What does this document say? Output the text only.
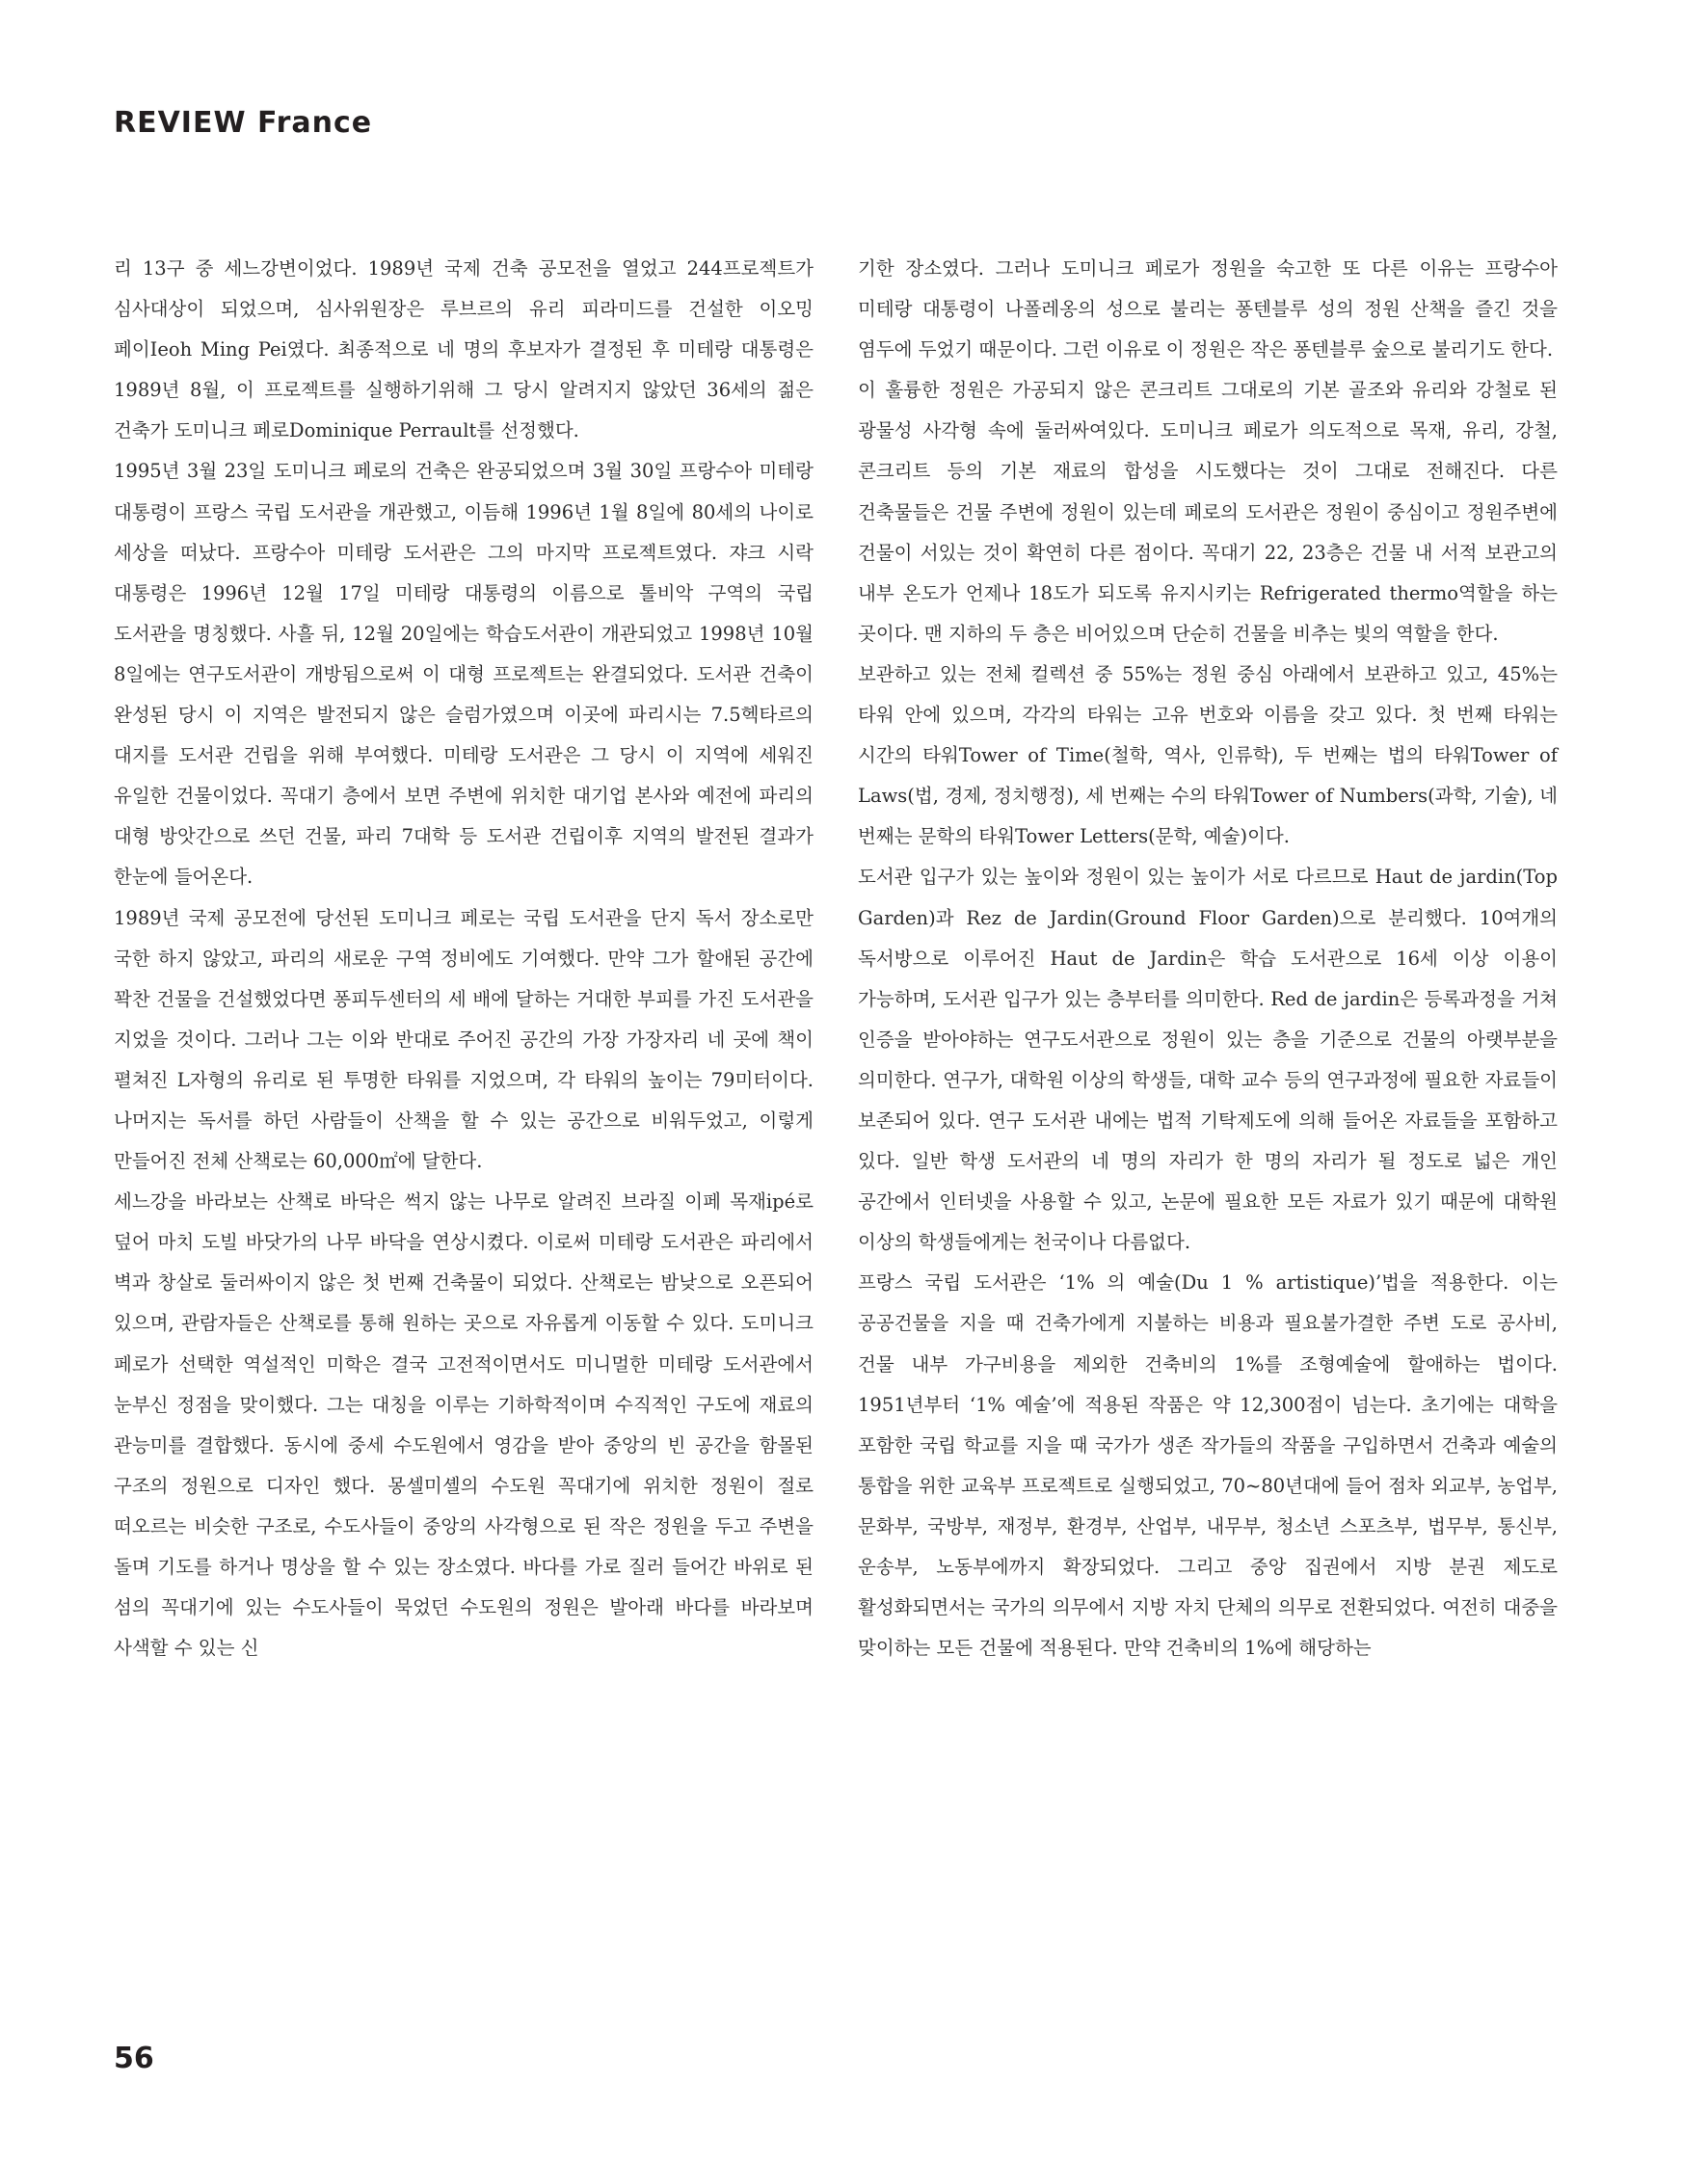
REVIEW France

리 13구 중 세느강변이었다. 1989년 국제 건축 공모전을 열었고 244프로젝트가 심사대상이 되었으며, 심사위원장은 루브르의 유리 피라미드를 건설한 이오밍 페이Ieoh Ming Pei였다. 최종적으로 네 명의 후보자가 결정된 후 미테랑 대통령은 1989년 8월, 이 프로젝트를 실행하기위해 그 당시 알려지지 않았던 36세의 젊은 건축가 도미니크 페로Dominique Perrault를 선정했다.

1995년 3월 23일 도미니크 페로의 건축은 완공되었으며 3월 30일 프랑수아 미테랑 대통령이 프랑스 국립 도서관을 개관했고, 이듬해 1996년 1월 8일에 80세의 나이로 세상을 떠났다. 프랑수아 미테랑 도서관은 그의 마지막 프로젝트였다. 쟈크 시락 대통령은 1996년 12월 17일 미테랑 대통령의 이름으로 톨비악 구역의 국립 도서관을 명칭했다. 사흘 뒤, 12월 20일에는 학습도서관이 개관되었고 1998년 10월 8일에는 연구도서관이 개방됨으로써 이 대형 프로젝트는 완결되었다. 도서관 건축이 완성된 당시 이 지역은 발전되지 않은 슬럼가였으며 이곳에 파리시는 7.5헥타르의 대지를 도서관 건립을 위해 부여했다. 미테랑 도서관은 그 당시 이 지역에 세워진 유일한 건물이었다. 꼭대기 층에서 보면 주변에 위치한 대기업 본사와 예전에 파리의 대형 방앗간으로 쓰던 건물, 파리 7대학 등 도서관 건립이후 지역의 발전된 결과가 한눈에 들어온다.

1989년 국제 공모전에 당선된 도미니크 페로는 국립 도서관을 단지 독서 장소로만 국한 하지 않았고, 파리의 새로운 구역 정비에도 기여했다. 만약 그가 할애된 공간에 꽉찬 건물을 건설했었다면 퐁피두센터의 세 배에 달하는 거대한 부피를 가진 도서관을 지었을 것이다. 그러나 그는 이와 반대로 주어진 공간의 가장 가장자리 네 곳에 책이 펼쳐진 L자형의 유리로 된 투명한 타워를 지었으며, 각 타워의 높이는 79미터이다. 나머지는 독서를 하던 사람들이 산책을 할 수 있는 공간으로 비워두었고, 이렇게 만들어진 전체 산책로는 60,000㎡에 달한다.

세느강을 바라보는 산책로 바닥은 썩지 않는 나무로 알려진 브라질 이페 목재ipé로 덮어 마치 도빌 바닷가의 나무 바닥을 연상시켰다. 이로써 미테랑 도서관은 파리에서 벽과 창살로 둘러싸이지 않은 첫 번째 건축물이 되었다. 산책로는 밤낮으로 오픈되어 있으며, 관람자들은 산책로를 통해 원하는 곳으로 자유롭게 이동할 수 있다. 도미니크 페로가 선택한 역설적인 미학은 결국 고전적이면서도 미니멀한 미테랑 도서관에서 눈부신 정점을 맞이했다. 그는 대칭을 이루는 기하학적이며 수직적인 구도에 재료의 관능미를 결합했다. 동시에 중세 수도원에서 영감을 받아 중앙의 빈 공간을 함몰된 구조의 정원으로 디자인 했다. 몽셀미셸의 수도원 꼭대기에 위치한 정원이 절로 떠오르는 비슷한 구조로, 수도사들이 중앙의 사각형으로 된 작은 정원을 두고 주변을 돌며 기도를 하거나 명상을 할 수 있는 장소였다. 바다를 가로 질러 들어간 바위로 된 섬의 꼭대기에 있는 수도사들이 묵었던 수도원의 정원은 발아래 바다를 바라보며 사색할 수 있는 신

기한 장소였다. 그러나 도미니크 페로가 정원을 숙고한 또 다른 이유는 프랑수아 미테랑 대통령이 나폴레옹의 성으로 불리는 퐁텐블루 성의 정원 산책을 즐긴 것을 염두에 두었기 때문이다. 그런 이유로 이 정원은 작은 퐁텐블루 숲으로 불리기도 한다.

이 훌륭한 정원은 가공되지 않은 콘크리트 그대로의 기본 골조와 유리와 강철로 된 광물성 사각형 속에 둘러싸여있다. 도미니크 페로가 의도적으로 목재, 유리, 강철, 콘크리트 등의 기본 재료의 합성을 시도했다는 것이 그대로 전해진다. 다른 건축물들은 건물 주변에 정원이 있는데 페로의 도서관은 정원이 중심이고 정원주변에 건물이 서있는 것이 확연히 다른 점이다. 꼭대기 22, 23층은 건물 내 서적 보관고의 내부 온도가 언제나 18도가 되도록 유지시키는 Refrigerated thermo역할을 하는 곳이다. 맨 지하의 두 층은 비어있으며 단순히 건물을 비추는 빛의 역할을 한다.

보관하고 있는 전체 컬렉션 중 55%는 정원 중심 아래에서 보관하고 있고, 45%는 타워 안에 있으며, 각각의 타워는 고유 번호와 이름을 갖고 있다. 첫 번째 타워는 시간의 타워Tower of Time(철학, 역사, 인류학), 두 번째는 법의 타워Tower of Laws(법, 경제, 정치행정), 세 번째는 수의 타워Tower of Numbers(과학, 기술), 네 번째는 문학의 타워Tower Letters(문학, 예술)이다.

도서관 입구가 있는 높이와 정원이 있는 높이가 서로 다르므로 Haut de jardin(Top Garden)과 Rez de Jardin(Ground Floor Garden)으로 분리했다. 10여개의 독서방으로 이루어진 Haut de Jardin은 학습 도서관으로 16세 이상 이용이 가능하며, 도서관 입구가 있는 층부터를 의미한다. Red de jardin은 등록과정을 거쳐 인증을 받아야하는 연구도서관으로 정원이 있는 층을 기준으로 건물의 아랫부분을 의미한다. 연구가, 대학원 이상의 학생들, 대학 교수 등의 연구과정에 필요한 자료들이 보존되어 있다. 연구 도서관 내에는 법적 기탁제도에 의해 들어온 자료들을 포함하고 있다. 일반 학생 도서관의 네 명의 자리가 한 명의 자리가 될 정도로 넓은 개인 공간에서 인터넷을 사용할 수 있고, 논문에 필요한 모든 자료가 있기 때문에 대학원 이상의 학생들에게는 천국이나 다름없다.

프랑스 국립 도서관은 ‘1% 의 예술(Du 1 % artistique)’법을 적용한다. 이는 공공건물을 지을 때 건축가에게 지불하는 비용과 필요불가결한 주변 도로 공사비, 건물 내부 가구비용을 제외한 건축비의 1%를 조형예술에 할애하는 법이다. 1951년부터 ‘1% 예술’에 적용된 작품은 약 12,300점이 넘는다. 초기에는 대학을 포함한 국립 학교를 지을 때 국가가 생존 작가들의 작품을 구입하면서 건축과 예술의 통합을 위한 교육부 프로젝트로 실행되었고, 70~80년대에 들어 점차 외교부, 농업부, 문화부, 국방부, 재정부, 환경부, 산업부, 내무부, 청소년 스포츠부, 법무부, 통신부, 운송부, 노동부에까지 확장되었다. 그리고 중앙 집권에서 지방 분권 제도로 활성화되면서는 국가의 의무에서 지방 자치 단체의 의무로 전환되었다. 여전히 대중을 맞이하는 모든 건물에 적용된다. 만약 건축비의 1%에 해당하는

56
